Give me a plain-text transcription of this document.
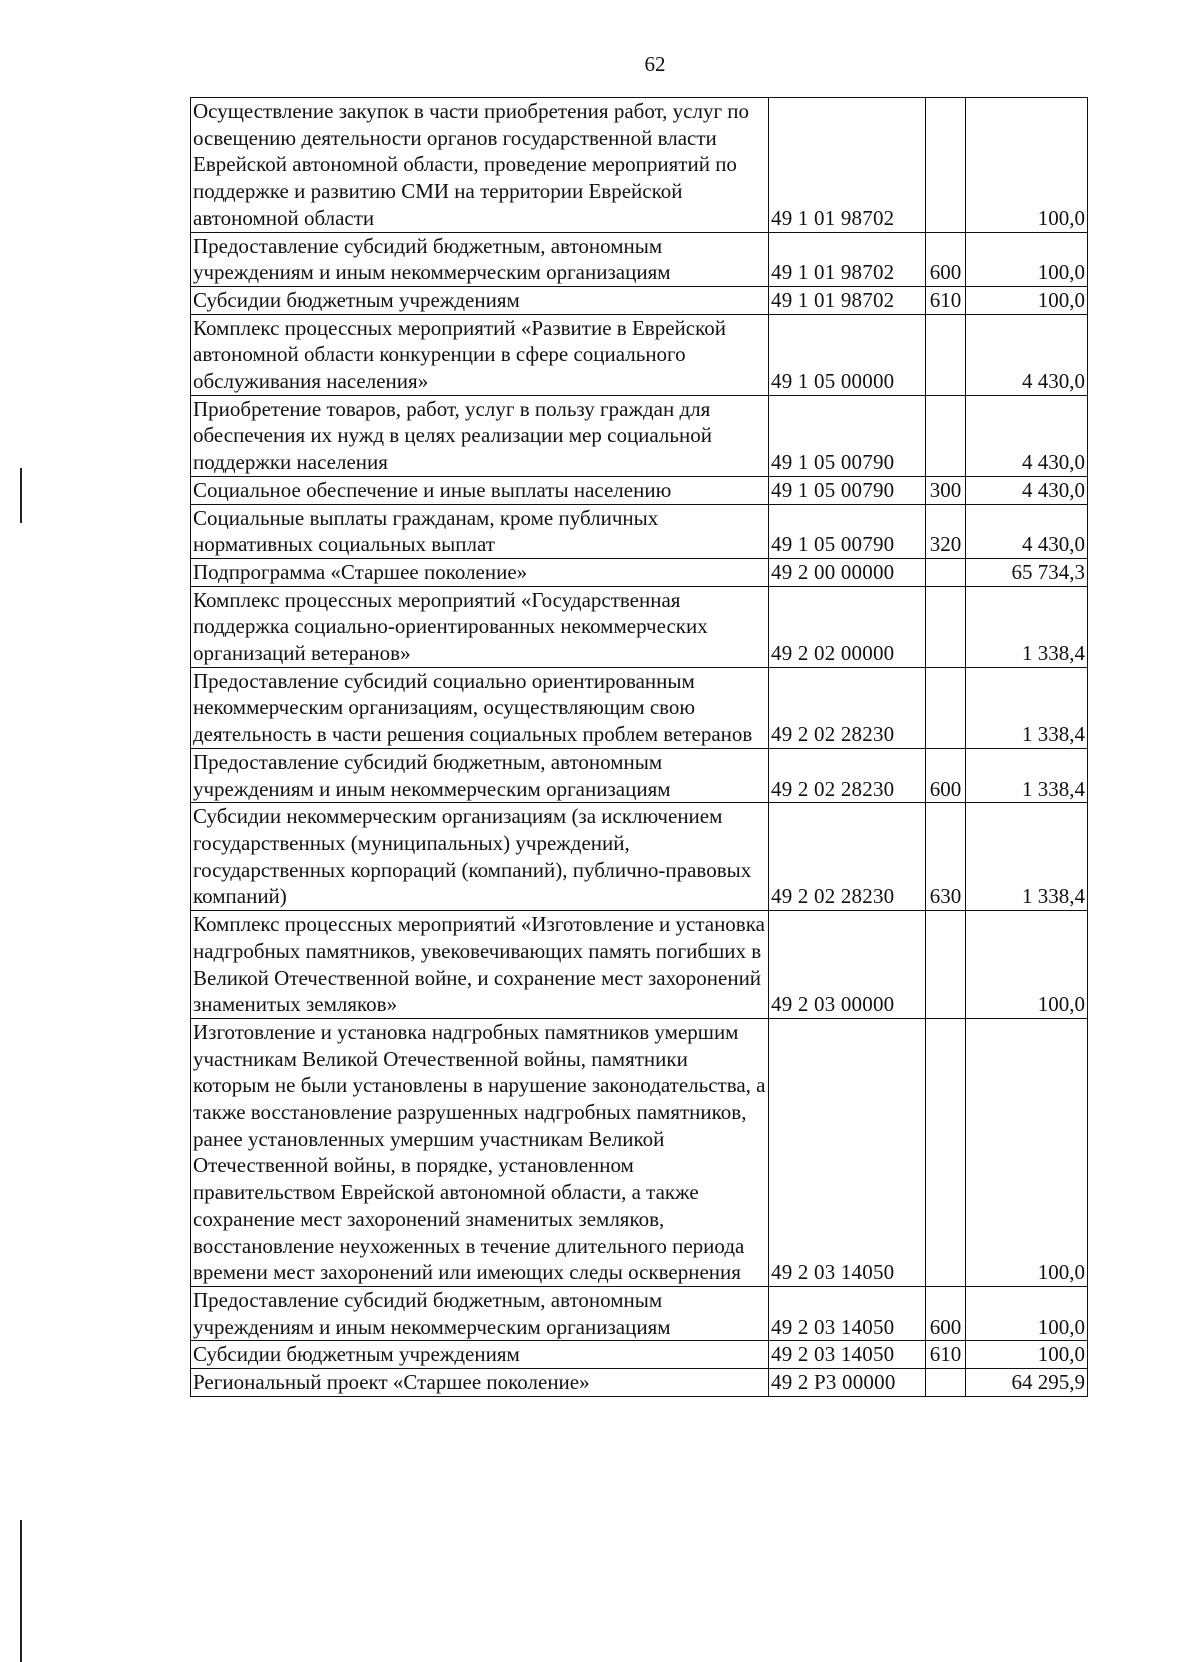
62
Осуществление закупок в части приобретения работ, услуг по освещению деятельности органов государственной власти Еврейской автономной области, проведение мероприятий по поддержке и развитию СМИ на территории Еврейской автономной области	49 1 01 98702		100,0
Предоставление субсидий бюджетным, автономным учреждениям и иным некоммерческим организациям	49 1 01 98702	600	100,0
Субсидии бюджетным учреждениям	49 1 01 98702	610	100,0
Комплекс процессных мероприятий «Развитие в Еврейской автономной области конкуренции в сфере социального обслуживания населения»	49 1 05 00000		4 430,0
Приобретение товаров, работ, услуг в пользу граждан для обеспечения их нужд в целях реализации мер социальной поддержки населения	49 1 05 00790		4 430,0
Социальное обеспечение и иные выплаты населению	49 1 05 00790	300	4 430,0
Социальные выплаты гражданам, кроме публичных нормативных социальных выплат	49 1 05 00790	320	4 430,0
Подпрограмма «Старшее поколение»	49 2 00 00000		65 734,3
Комплекс процессных мероприятий «Государственная поддержка социально-ориентированных некоммерческих организаций ветеранов»	49 2 02 00000		1 338,4
Предоставление субсидий социально ориентированным некоммерческим организациям, осуществляющим свою деятельность в части решения социальных проблем ветеранов	49 2 02 28230		1 338,4
Предоставление субсидий бюджетным, автономным учреждениям и иным некоммерческим организациям	49 2 02 28230	600	1 338,4
Субсидии некоммерческим организациям (за исключением государственных (муниципальных) учреждений, государственных корпораций (компаний), публично-правовых компаний)	49 2 02 28230	630	1 338,4
Комплекс процессных мероприятий «Изготовление и установка надгробных памятников, увековечивающих память погибших в Великой Отечественной войне, и сохранение мест захоронений знаменитых земляков»	49 2 03 00000		100,0
Изготовление и установка надгробных памятников умершим участникам Великой Отечественной войны, памятники которым не были установлены в нарушение законодательства, а также восстановление разрушенных надгробных памятников, ранее установленных умершим участникам Великой Отечественной войны, в порядке, установленном правительством Еврейской автономной области, а также сохранение мест захоронений знаменитых земляков, восстановление неухоженных в течение длительного периода времени мест захоронений или имеющих следы осквернения	49 2 03 14050		100,0
Предоставление субсидий бюджетным, автономным учреждениям и иным некоммерческим организациям	49 2 03 14050	600	100,0
Субсидии бюджетным учреждениям	49 2 03 14050	610	100,0
Региональный проект «Старшее поколение»	49 2 Р3 00000		64 295,9
